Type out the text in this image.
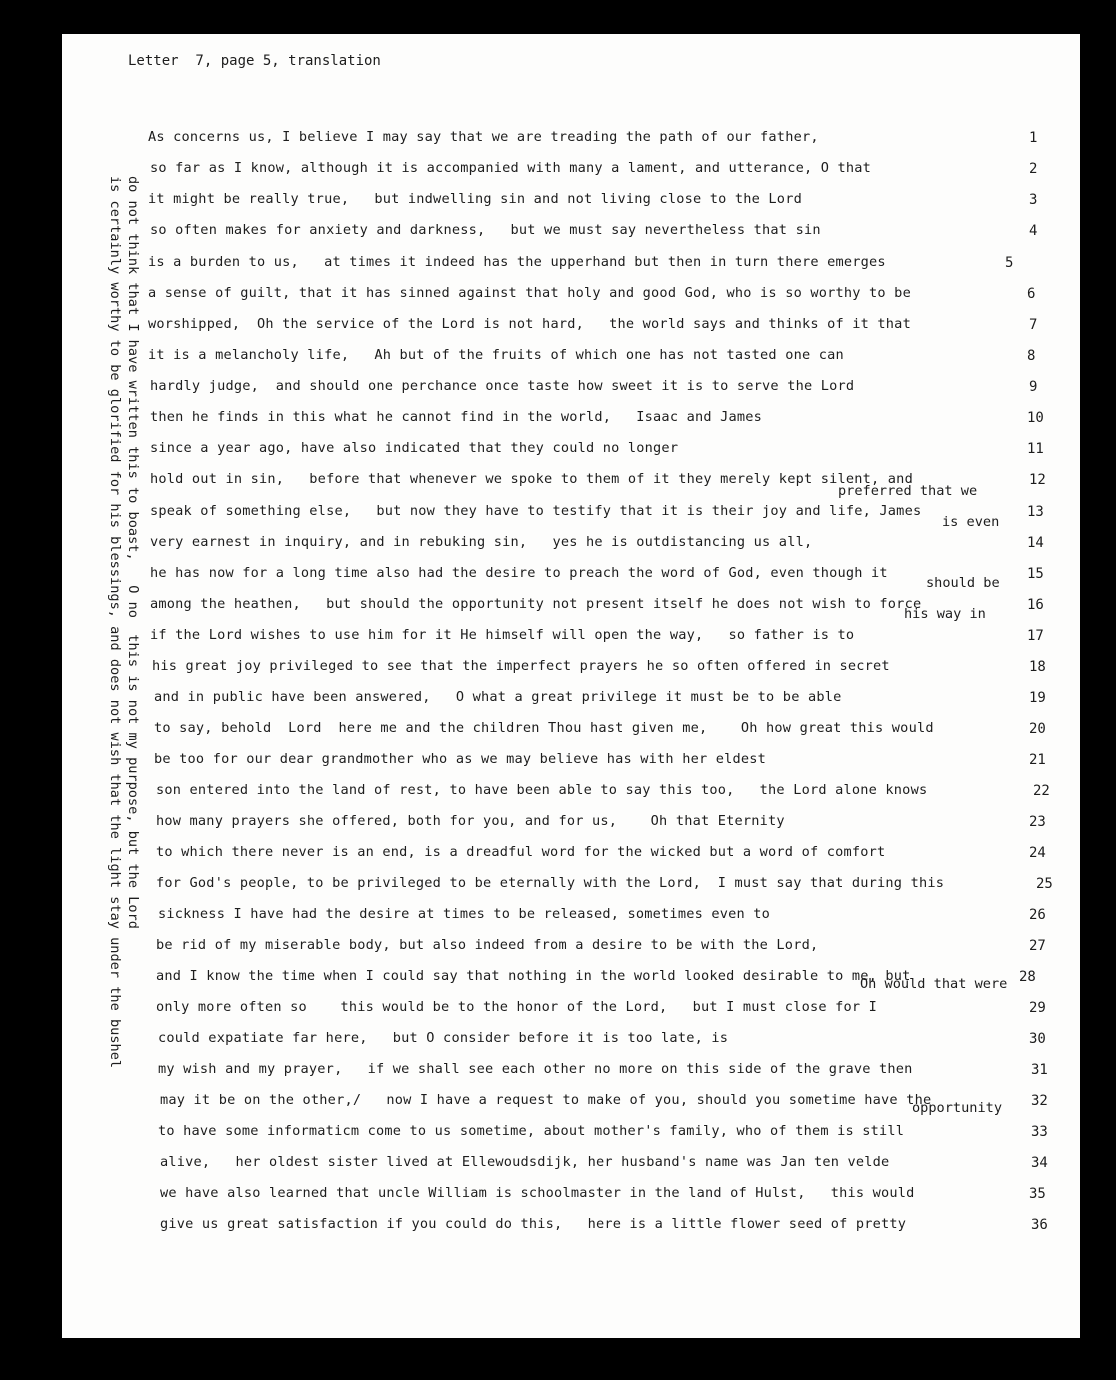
Letter  7, page 5, translation
As concerns us, I believe I may say that we are treading the path of our father,	1
so far as I know, although it is accompanied with many a lament, and utterance, O that	2
it might be really true,   but indwelling sin and not living close to the Lord	3
so often makes for anxiety and darkness,   but we must say nevertheless that sin	4
is a burden to us,   at times it indeed has the upperhand but then in turn there emerges	5
a sense of guilt, that it has sinned against that holy and good God, who is so worthy to be	6
worshipped,  Oh the service of the Lord is not hard,   the world says and thinks of it that	7
it is a melancholy life,   Ah but of the fruits of which one has not tasted one can	8
hardly judge,  and should one perchance once taste how sweet it is to serve the Lord	9
then he finds in this what he cannot find in the world,   Isaac and James	10
since a year ago, have also indicated that they could no longer	11
hold out in sin,   before that whenever we spoke to them of it they merely kept silent, and	12
speak of something else,   but now they have to testify that it is their joy and life, James	13
very earnest in inquiry, and in rebuking sin,   yes he is outdistancing us all,	14
he has now for a long time also had the desire to preach the word of God, even though it	15
among the heathen,   but should the opportunity not present itself he does not wish to force	16
if the Lord wishes to use him for it He himself will open the way,   so father is to	17
his great joy privileged to see that the imperfect prayers he so often offered in secret	18
and in public have been answered,   O what a great privilege it must be to be able	19
to say, behold  Lord  here me and the children Thou hast given me,    Oh how great this would	20
be too for our dear grandmother who as we may believe has with her eldest	21
son entered into the land of rest, to have been able to say this too,   the Lord alone knows	22
how many prayers she offered, both for you, and for us,    Oh that Eternity	23
to which there never is an end, is a dreadful word for the wicked but a word of comfort	24
for God's people, to be privileged to be eternally with the Lord,  I must say that during this	25
sickness I have had the desire at times to be released, sometimes even to	26
be rid of my miserable body, but also indeed from a desire to be with the Lord,	27
and I know the time when I could say that nothing in the world looked desirable to me, but	28
only more often so    this would be to the honor of the Lord,   but I must close for I	29
could expatiate far here,   but O consider before it is too late, is	30
my wish and my prayer,   if we shall see each other no more on this side of the grave then	31
may it be on the other,/   now I have a request to make of you, should you sometime have the	32
to have some informaticm come to us sometime, about mother's family, who of them is still	33
alive,   her oldest sister lived at Ellewoudsdijk, her husband's name was Jan ten velde	34
we have also learned that uncle William is schoolmaster in the land of Hulst,   this would	35
give us great satisfaction if you could do this,   here is a little flower seed of pretty	36
preferred that we
is even
should be
his way in
Oh would that were
opportunity
do not think that I have written this to boast,   O no  this is not my purpose, but the Lord
is certainly worthy to be glorified for his blessings, and does not wish that the light stay under the bushel
